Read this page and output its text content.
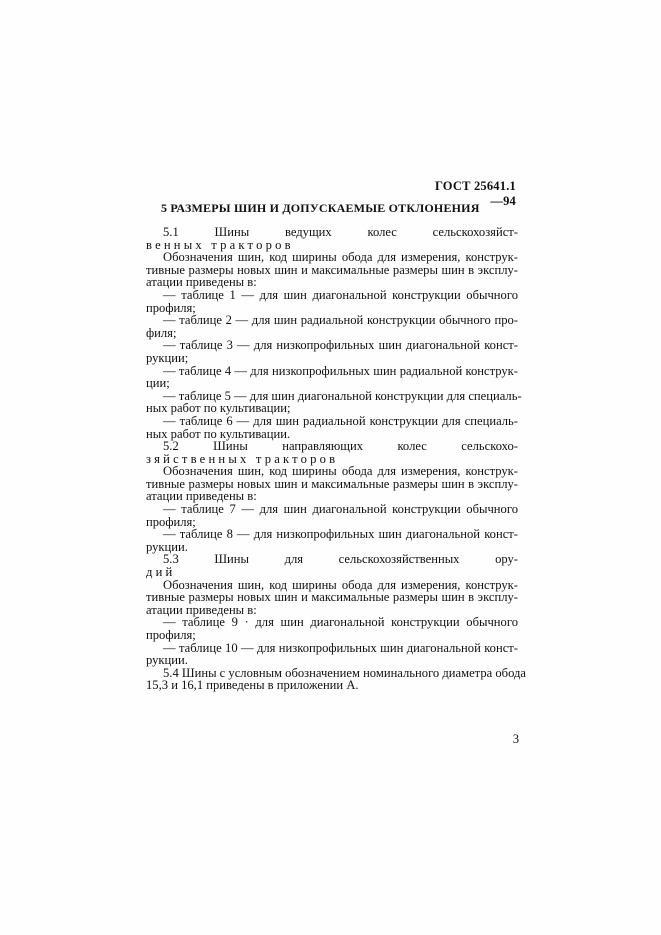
ГОСТ 25641.1—94
5 РАЗМЕРЫ ШИН И ДОПУСКАЕМЫЕ ОТКЛОНЕНИЯ
5.1 Шины ведущих колес сельскохозяйст-
венных тракторов
Обозначения шин, код ширины обода для измерения, конструк-
тивные размеры новых шин и максимальные размеры шин в эксплу-
атации приведены в:
— таблице 1 — для шин диагональной конструкции обычного
профиля;
— таблице 2 — для шин радиальной конструкции обычного про-
филя;
— таблице 3 — для низкопрофильных шин диагональной конст-
рукции;
— таблице 4 — для низкопрофильных шин радиальной конструк-
ции;
— таблице 5 — для шин диагональной конструкции для специаль-
ных работ по культивации;
— таблице 6 — для шин радиальной конструкции для специаль-
ных работ по культивации.
5.2 Шины направляющих колес сельскохо-
зяйственных тракторов
Обозначения шин, код ширины обода для измерения, конструк-
тивные размеры новых шин и максимальные размеры шин в эксплу-
атации приведены в:
— таблице 7 — для шин диагональной конструкции обычного
профиля;
— таблице 8 — для низкопрофильных шин диагональной конст-
рукции.
5.3 Шины для сельскохозяйственных ору-
дий
Обозначения шин, код ширины обода для измерения, конструк-
тивные размеры новых шин и максимальные размеры шин в эксплу-
атации приведены в:
— таблице 9 · для шин диагональной конструкции обычного
профиля;
— таблице 10 — для низкопрофильных шин диагональной конст-
рукции.
5.4 Шины с условным обозначением номинального диаметра обода
15,3 и 16,1 приведены в приложении А.
3
